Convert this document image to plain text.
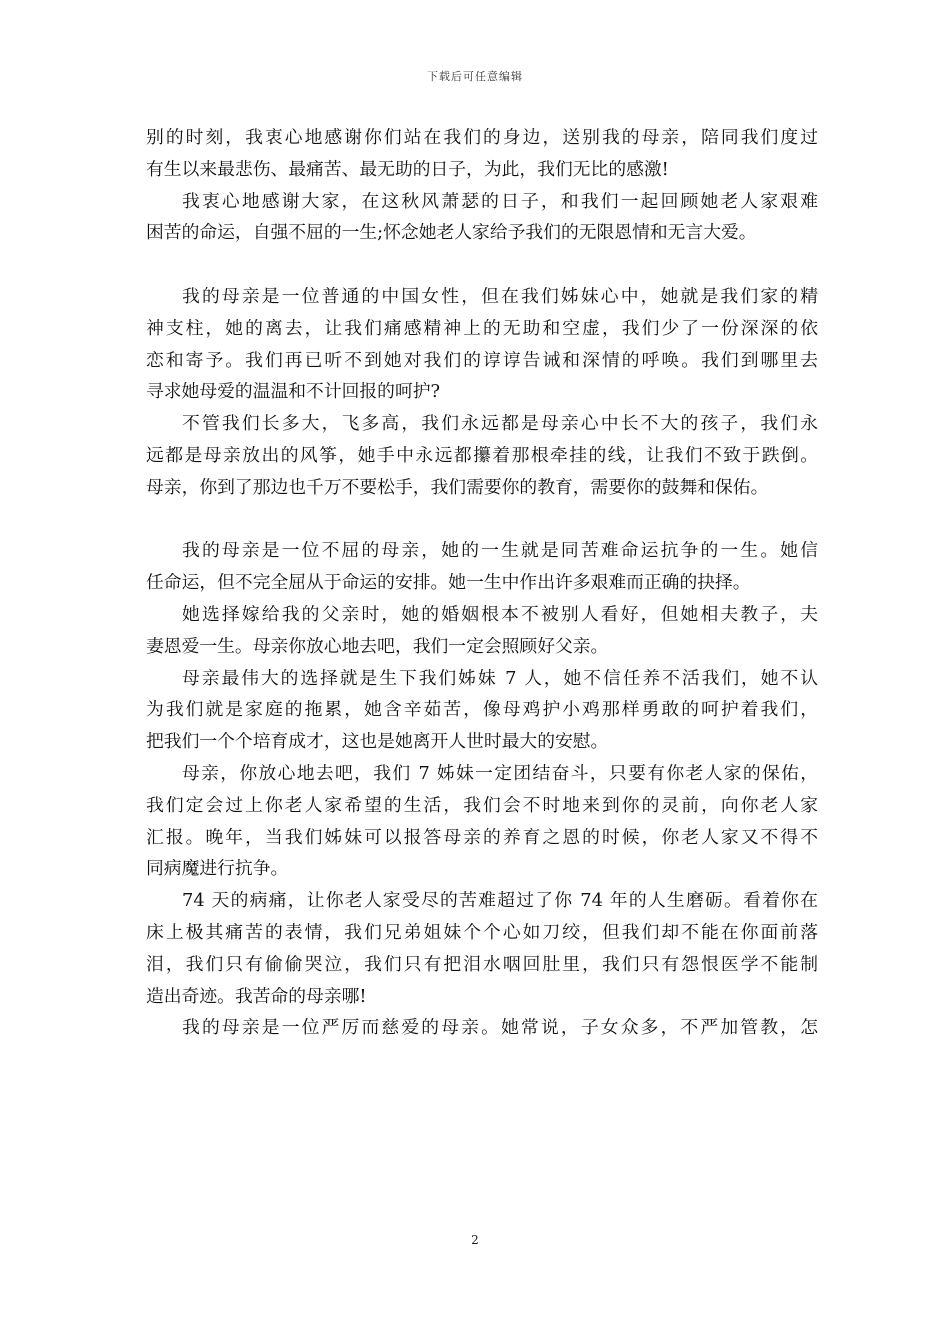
下载后可任意编辑
别的时刻，我衷心地感谢你们站在我们的身边，送别我的母亲，陪同我们度过
有生以来最悲伤、最痛苦、最无助的日子，为此，我们无比的感激!
我衷心地感谢大家，在这秋风萧瑟的日子，和我们一起回顾她老人家艰难
困苦的命运，自强不屈的一生;怀念她老人家给予我们的无限恩情和无言大爱。
我的母亲是一位普通的中国女性，但在我们姊妹心中，她就是我们家的精
神支柱，她的离去，让我们痛感精神上的无助和空虚，我们少了一份深深的依
恋和寄予。我们再已听不到她对我们的谆谆告诫和深情的呼唤。我们到哪里去
寻求她母爱的温温和不计回报的呵护?
不管我们长多大，飞多高，我们永远都是母亲心中长不大的孩子，我们永
远都是母亲放出的风筝，她手中永远都攥着那根牵挂的线，让我们不致于跌倒。
母亲，你到了那边也千万不要松手，我们需要你的教育，需要你的鼓舞和保佑。
我的母亲是一位不屈的母亲，她的一生就是同苦难命运抗争的一生。她信
任命运，但不完全屈从于命运的安排。她一生中作出许多艰难而正确的抉择。
她选择嫁给我的父亲时，她的婚姻根本不被别人看好，但她相夫教子，夫
妻恩爱一生。母亲你放心地去吧，我们一定会照顾好父亲。
母亲最伟大的选择就是生下我们姊妹 7 人，她不信任养不活我们，她不认
为我们就是家庭的拖累，她含辛茹苦，像母鸡护小鸡那样勇敢的呵护着我们，
把我们一个个培育成才，这也是她离开人世时最大的安慰。
母亲，你放心地去吧，我们 7 姊妹一定团结奋斗，只要有你老人家的保佑，
我们定会过上你老人家希望的生活，我们会不时地来到你的灵前，向你老人家
汇报。晚年，当我们姊妹可以报答母亲的养育之恩的时候，你老人家又不得不
同病魔进行抗争。
74 天的病痛，让你老人家受尽的苦难超过了你 74 年的人生磨砺。看着你在
床上极其痛苦的表情，我们兄弟姐妹个个心如刀绞，但我们却不能在你面前落
泪，我们只有偷偷哭泣，我们只有把泪水咽回肚里，我们只有怨恨医学不能制
造出奇迹。我苦命的母亲哪!
我的母亲是一位严厉而慈爱的母亲。她常说，子女众多，不严加管教，怎
2
